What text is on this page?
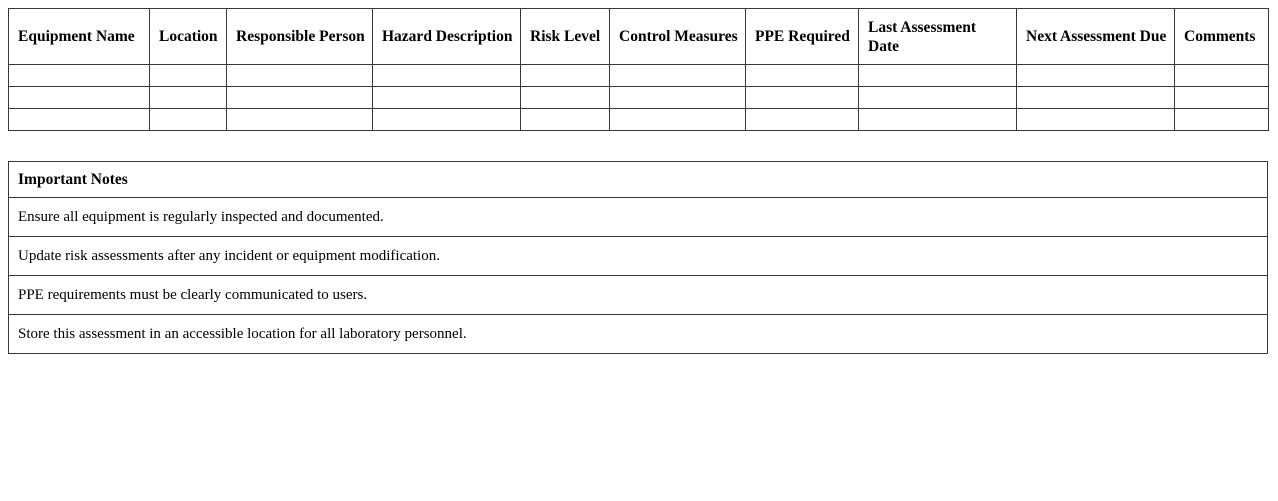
Equipment Name	Location	Responsible Person	Hazard Description	Risk Level	Control Measures	PPE Required	Last Assessment Date	Next Assessment Due	Comments

Important Notes
Ensure all equipment is regularly inspected and documented.
Update risk assessments after any incident or equipment modification.
PPE requirements must be clearly communicated to users.
Store this assessment in an accessible location for all laboratory personnel.
